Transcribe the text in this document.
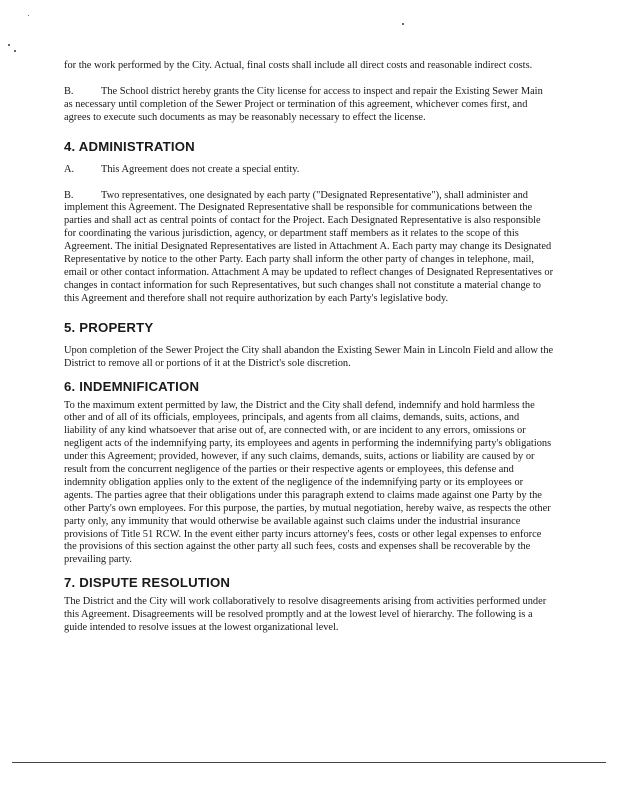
for the work performed by the City. Actual, final costs shall include all direct costs and reasonable indirect costs.

B.	The School district hereby grants the City license for access to inspect and repair the Existing Sewer Main as necessary until completion of the Sewer Project or termination of this agreement, whichever comes first, and agrees to execute such documents as may be reasonably necessary to effect the license.

4. ADMINISTRATION

A.	This Agreement does not create a special entity.

B.	Two representatives, one designated by each party ("Designated Representative"), shall administer and implement this Agreement. The Designated Representative shall be responsible for communications between the parties and shall act as central points of contact for the Project. Each Designated Representative is also responsible for coordinating the various jurisdiction, agency, or department staff members as it relates to the scope of this Agreement. The initial Designated Representatives are listed in Attachment A. Each party may change its Designated Representative by notice to the other Party. Each party shall inform the other party of changes in telephone, mail, email or other contact information. Attachment A may be updated to reflect changes of Designated Representatives or changes in contact information for such Representatives, but such changes shall not constitute a material change to this Agreement and therefore shall not require authorization by each Party's legislative body.

5. PROPERTY

Upon completion of the Sewer Project the City shall abandon the Existing Sewer Main in Lincoln Field and allow the District to remove all or portions of it at the District's sole discretion.

6. INDEMNIFICATION

To the maximum extent permitted by law, the District and the City shall defend, indemnify and hold harmless the other and of all of its officials, employees, principals, and agents from all claims, demands, suits, actions, and liability of any kind whatsoever that arise out of, are connected with, or are incident to any errors, omissions or negligent acts of the indemnifying party, its employees and agents in performing the indemnifying party's obligations under this Agreement; provided, however, if any such claims, demands, suits, actions or liability are caused by or result from the concurrent negligence of the parties or their respective agents or employees, this defense and indemnity obligation applies only to the extent of the negligence of the indemnifying party or its employees or agents. The parties agree that their obligations under this paragraph extend to claims made against one Party by the other Party's own employees. For this purpose, the parties, by mutual negotiation, hereby waive, as respects the other party only, any immunity that would otherwise be available against such claims under the industrial insurance provisions of Title 51 RCW. In the event either party incurs attorney's fees, costs or other legal expenses to enforce the provisions of this section against the other party all such fees, costs and expenses shall be recoverable by the prevailing party.

7. DISPUTE RESOLUTION

The District and the City will work collaboratively to resolve disagreements arising from activities performed under this Agreement. Disagreements will be resolved promptly and at the lowest level of hierarchy. The following is a guide intended to resolve issues at the lowest organizational level.
